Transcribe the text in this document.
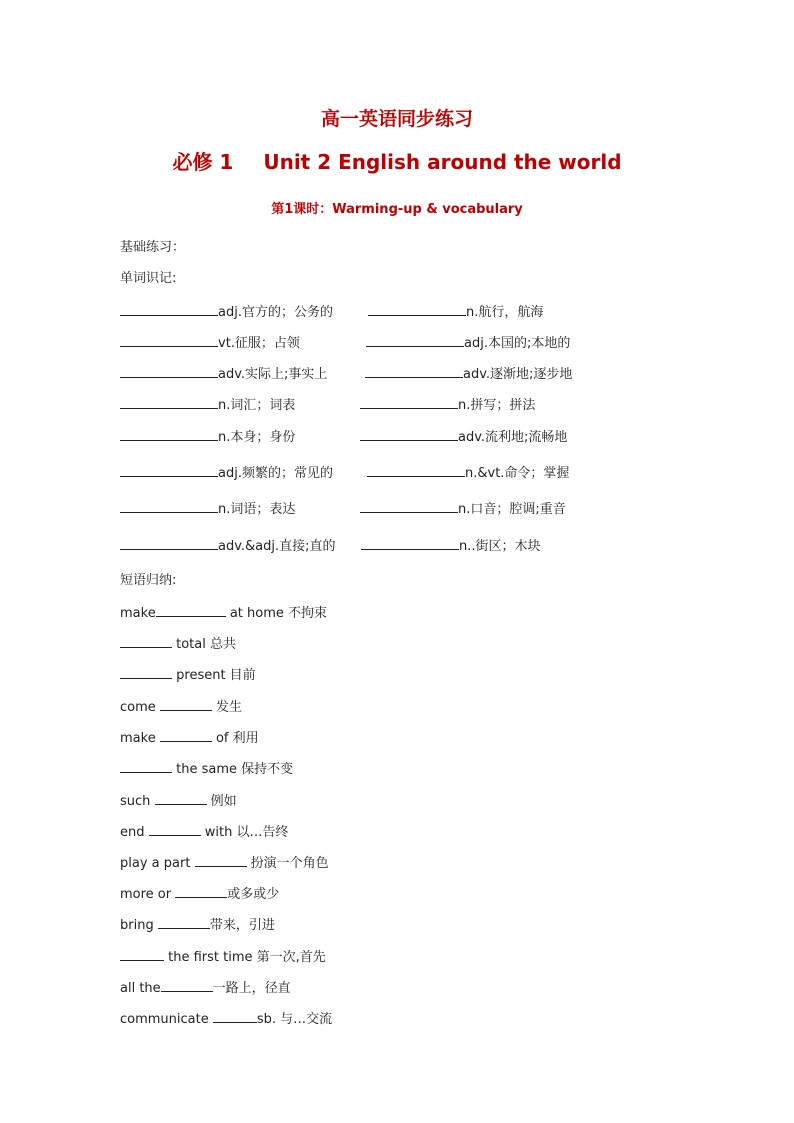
高一英语同步练习
必修 1 Unit 2 English around the world
第1课时：Warming-up & vocabulary
基础练习：
单词识记:
adj.官方的；公务的	n.航行，航海
vt.征服；占领	adj.本国的;本地的
adv.实际上;事实上	adv.逐渐地;逐步地
n.词汇；词表	n.拼写；拼法
n.本身；身份	adv.流利地;流畅地
adj.频繁的；常见的	n.&vt.命令；掌握
n.词语；表达	n.口音；腔调;重音
adv.&adj.直接;直的	n..街区；木块
短语归纳:
make	at home 不拘束
total 总共
present 目前
come	发生
make	of 利用
the same 保持不变
such	例如
end	with 以…告终
play a part	扮演一个角色
more or	或多或少
bring	带来，引进
the first time 第一次,首先
all the	一路上，径直
communicate	sb. 与…交流
